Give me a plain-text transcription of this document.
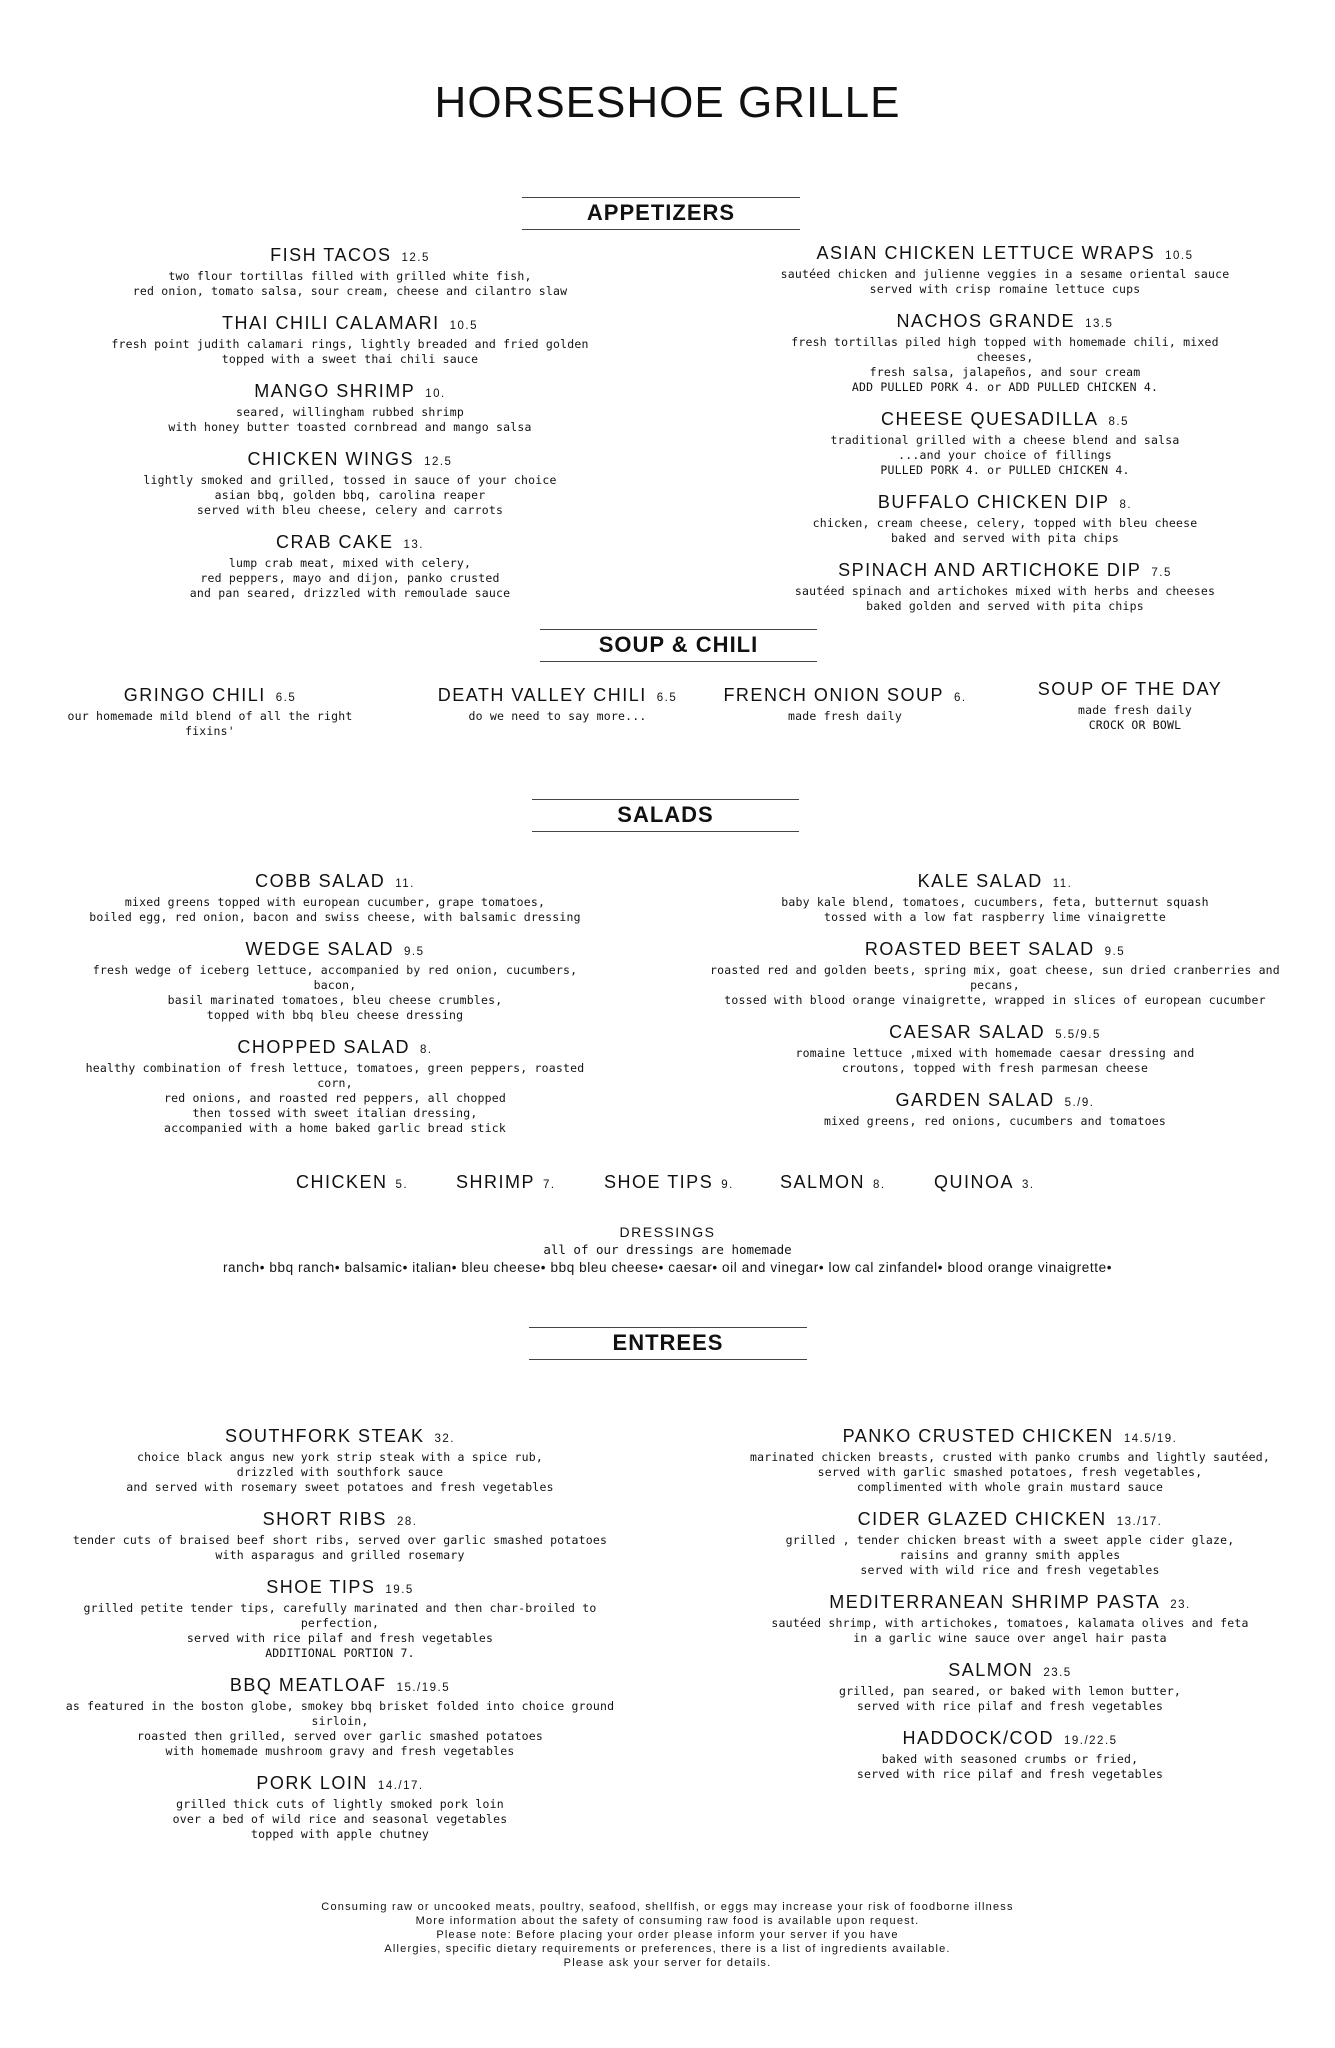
HORSESHOE GRILLE
APPETIZERS
FISH TACOS 12.5
two flour tortillas filled with grilled white fish,
red onion, tomato salsa, sour cream, cheese and cilantro slaw
THAI CHILI CALAMARI 10.5
fresh point judith calamari rings, lightly breaded and fried golden
topped with a sweet thai chili sauce
MANGO SHRIMP 10.
seared, willingham rubbed shrimp
with honey butter toasted cornbread and mango salsa
CHICKEN WINGS 12.5
lightly smoked and grilled, tossed in sauce of your choice
asian bbq, golden bbq, carolina reaper
served with bleu cheese, celery and carrots
CRAB CAKE 13.
lump crab meat, mixed with celery,
red peppers, mayo and dijon, panko crusted
and pan seared, drizzled with remoulade sauce
ASIAN CHICKEN LETTUCE WRAPS 10.5
sautéed chicken and julienne veggies in a sesame oriental sauce
served with crisp romaine lettuce cups
NACHOS GRANDE 13.5
fresh tortillas piled high topped with homemade chili, mixed cheeses,
fresh salsa, jalapeños, and sour cream
ADD PULLED PORK 4. or ADD PULLED CHICKEN 4.
CHEESE QUESADILLA 8.5
traditional grilled with a cheese blend and salsa
...and your choice of fillings
PULLED PORK 4. or PULLED CHICKEN 4.
BUFFALO CHICKEN DIP 8.
chicken, cream cheese, celery, topped with bleu cheese
baked and served with pita chips
SPINACH AND ARTICHOKE DIP 7.5
sautéed spinach and artichokes mixed with herbs and cheeses
baked golden and served with pita chips
SOUP & CHILI
GRINGO CHILI 6.5
our homemade mild blend of all the right fixins'
DEATH VALLEY CHILI 6.5
do we need to say more...
FRENCH ONION SOUP 6.
made fresh daily
SOUP OF THE DAY
made fresh daily
CROCK OR BOWL
SALADS
COBB SALAD 11.
mixed greens topped with european cucumber, grape tomatoes,
boiled egg, red onion, bacon and swiss cheese, with balsamic dressing
WEDGE SALAD 9.5
fresh wedge of iceberg lettuce, accompanied by red onion, cucumbers, bacon,
basil marinated tomatoes, bleu cheese crumbles,
topped with bbq bleu cheese dressing
CHOPPED SALAD 8.
healthy combination of fresh lettuce, tomatoes, green peppers, roasted corn,
red onions, and roasted red peppers, all chopped
then tossed with sweet italian dressing,
accompanied with a home baked garlic bread stick
KALE SALAD 11.
baby kale blend, tomatoes, cucumbers, feta, butternut squash
tossed with a low fat raspberry lime vinaigrette
ROASTED BEET SALAD 9.5
roasted red and golden beets, spring mix, goat cheese, sun dried cranberries and pecans,
tossed with blood orange vinaigrette, wrapped in slices of european cucumber
CAESAR SALAD 5.5/9.5
romaine lettuce ,mixed with homemade caesar dressing and
croutons, topped with fresh parmesan cheese
GARDEN SALAD 5./9.
mixed greens, red onions, cucumbers and tomatoes
CHICKEN 5.	SHRIMP 7.	SHOE TIPS 9.	SALMON 8.	QUINOA 3.
DRESSINGS
all of our dressings are homemade
ranch• bbq ranch• balsamic• italian• bleu cheese• bbq bleu cheese• caesar• oil and vinegar• low cal zinfandel• blood orange vinaigrette•
ENTREES
SOUTHFORK STEAK 32.
choice black angus new york strip steak with a spice rub,
drizzled with southfork sauce
and served with rosemary sweet potatoes and fresh vegetables
SHORT RIBS 28.
tender cuts of braised beef short ribs, served over garlic smashed potatoes
with asparagus and grilled rosemary
SHOE TIPS 19.5
grilled petite tender tips, carefully marinated and then char-broiled to perfection,
served with rice pilaf and fresh vegetables
ADDITIONAL PORTION 7.
BBQ MEATLOAF 15./19.5
as featured in the boston globe, smokey bbq brisket folded into choice ground sirloin,
roasted then grilled, served over garlic smashed potatoes
with homemade mushroom gravy and fresh vegetables
PORK LOIN 14./17.
grilled thick cuts of lightly smoked pork loin
over a bed of wild rice and seasonal vegetables
topped with apple chutney
PANKO CRUSTED CHICKEN 14.5/19.
marinated chicken breasts, crusted with panko crumbs and lightly sautéed,
served with garlic smashed potatoes, fresh vegetables,
complimented with whole grain mustard sauce
CIDER GLAZED CHICKEN 13./17.
grilled , tender chicken breast with a sweet apple cider glaze,
raisins and granny smith apples
served with wild rice and fresh vegetables
MEDITERRANEAN SHRIMP PASTA 23.
sautéed shrimp, with artichokes, tomatoes, kalamata olives and feta
in a garlic wine sauce over angel hair pasta
SALMON 23.5
grilled, pan seared, or baked with lemon butter,
served with rice pilaf and fresh vegetables
HADDOCK/COD 19./22.5
baked with seasoned crumbs or fried,
served with rice pilaf and fresh vegetables
Consuming raw or uncooked meats, poultry, seafood, shellfish, or eggs may increase your risk of foodborne illness
More information about the safety of consuming raw food is available upon request.
Please note: Before placing your order please inform your server if you have
Allergies, specific dietary requirements or preferences, there is a list of ingredients available.
Please ask your server for details.
